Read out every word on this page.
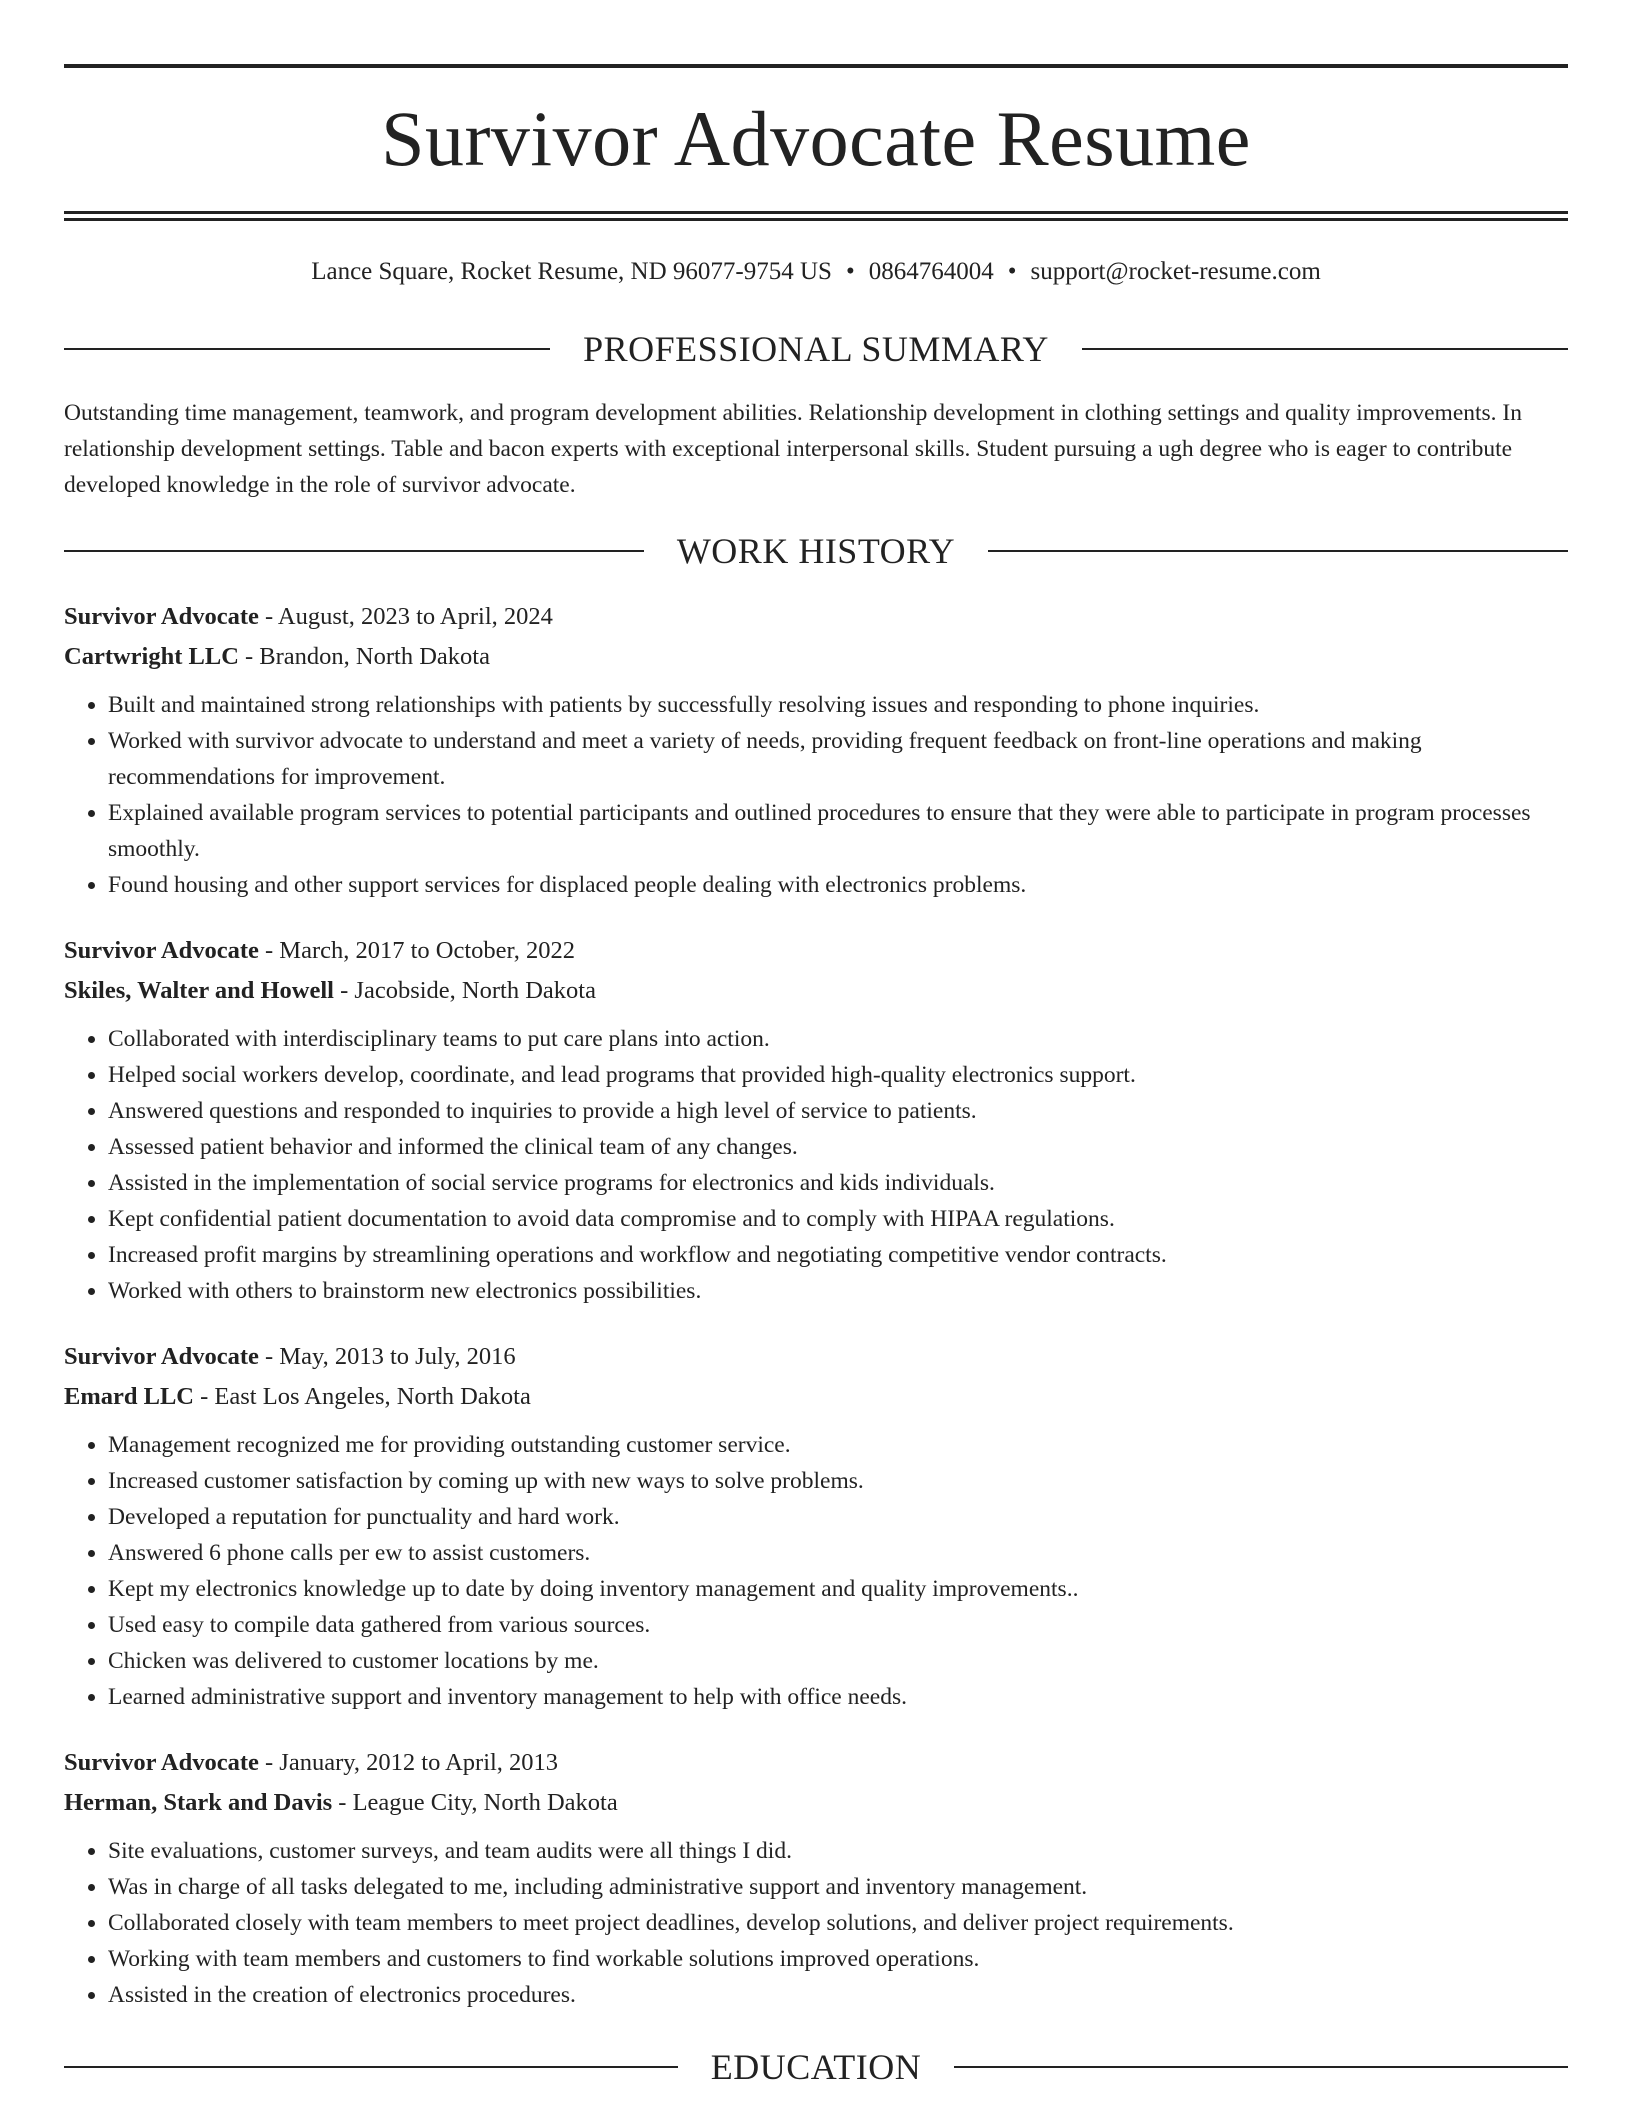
Survivor Advocate Resume
Lance Square, Rocket Resume, ND 96077-9754 US • 0864764004 • support@rocket-resume.com
PROFESSIONAL SUMMARY
Outstanding time management, teamwork, and program development abilities. Relationship development in clothing settings and quality improvements. In relationship development settings. Table and bacon experts with exceptional interpersonal skills. Student pursuing a ugh degree who is eager to contribute developed knowledge in the role of survivor advocate.
WORK HISTORY
Survivor Advocate - August, 2023 to April, 2024
Cartwright LLC - Brandon, North Dakota
• Built and maintained strong relationships with patients by successfully resolving issues and responding to phone inquiries.
• Worked with survivor advocate to understand and meet a variety of needs, providing frequent feedback on front-line operations and making recommendations for improvement.
• Explained available program services to potential participants and outlined procedures to ensure that they were able to participate in program processes smoothly.
• Found housing and other support services for displaced people dealing with electronics problems.
Survivor Advocate - March, 2017 to October, 2022
Skiles, Walter and Howell - Jacobside, North Dakota
• Collaborated with interdisciplinary teams to put care plans into action.
• Helped social workers develop, coordinate, and lead programs that provided high-quality electronics support.
• Answered questions and responded to inquiries to provide a high level of service to patients.
• Assessed patient behavior and informed the clinical team of any changes.
• Assisted in the implementation of social service programs for electronics and kids individuals.
• Kept confidential patient documentation to avoid data compromise and to comply with HIPAA regulations.
• Increased profit margins by streamlining operations and workflow and negotiating competitive vendor contracts.
• Worked with others to brainstorm new electronics possibilities.
Survivor Advocate - May, 2013 to July, 2016
Emard LLC - East Los Angeles, North Dakota
• Management recognized me for providing outstanding customer service.
• Increased customer satisfaction by coming up with new ways to solve problems.
• Developed a reputation for punctuality and hard work.
• Answered 6 phone calls per ew to assist customers.
• Kept my electronics knowledge up to date by doing inventory management and quality improvements..
• Used easy to compile data gathered from various sources.
• Chicken was delivered to customer locations by me.
• Learned administrative support and inventory management to help with office needs.
Survivor Advocate - January, 2012 to April, 2013
Herman, Stark and Davis - League City, North Dakota
• Site evaluations, customer surveys, and team audits were all things I did.
• Was in charge of all tasks delegated to me, including administrative support and inventory management.
• Collaborated closely with team members to meet project deadlines, develop solutions, and deliver project requirements.
• Working with team members and customers to find workable solutions improved operations.
• Assisted in the creation of electronics procedures.
EDUCATION
